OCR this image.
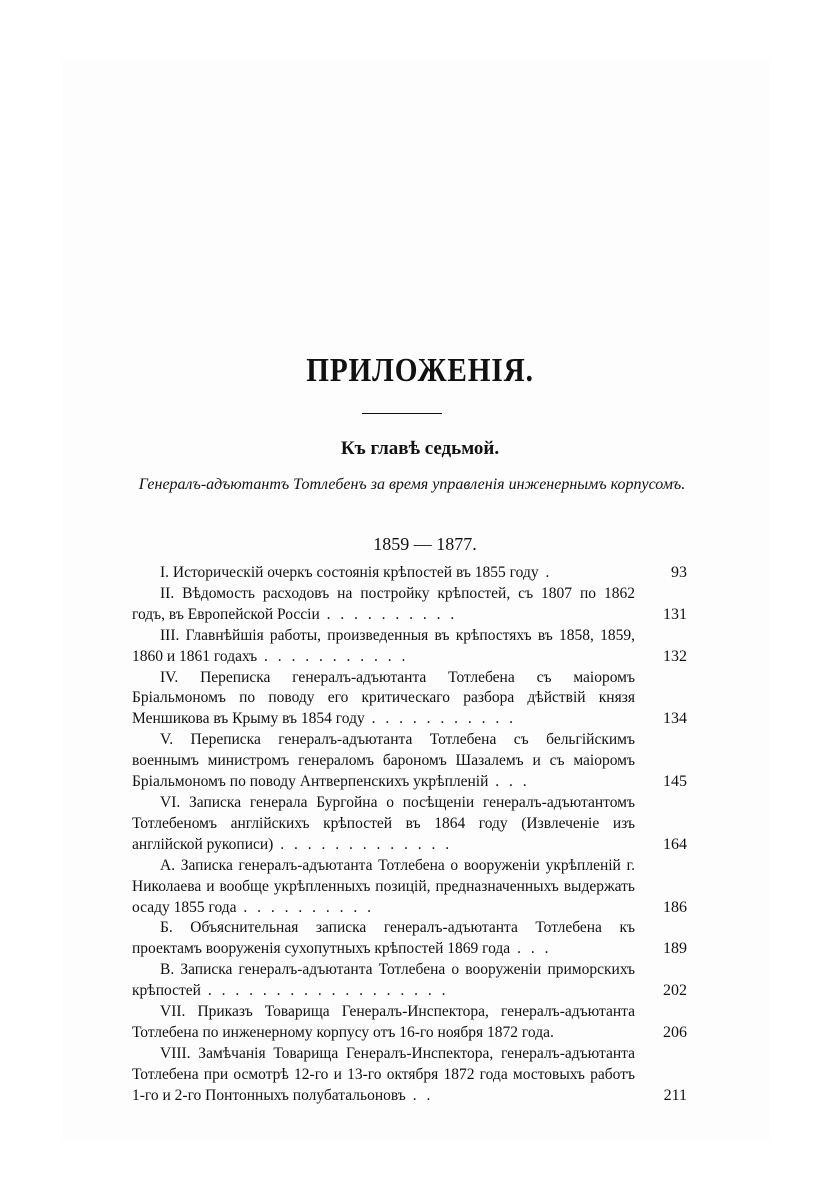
ПРИЛОЖЕНІЯ.
Къ главѣ седьмой.

Генералъ-адъютантъ Тотлебенъ за время управленія инженернымъ корпусомъ.

1859 — 1877.
I. Историческій очеркъ состоянія крѣпостей въ 1855 году .	93
II. Вѣдомость расходовъ на постройку крѣпостей, съ 1807 по 1862 годъ, въ Европейской Россіи . . . . . . . . . .	131
III. Главнѣйшія работы, произведенныя въ крѣпостяхъ въ 1858, 1859, 1860 и 1861 годахъ . . . . . . . . . . .	132
IV. Переписка генералъ-адъютанта Тотлебена съ маіоромъ Бріальмономъ по поводу его критическаго разбора дѣйствій князя Меншикова въ Крыму въ 1854 году . . . . . . . . . . .	134
V. Переписка генералъ-адъютанта Тотлебена съ бельгійскимъ военнымъ министромъ генераломъ барономъ Шазалемъ и съ маіоромъ Бріальмономъ по поводу Антверпенскихъ укрѣпленій . . .	145
VI. Записка генерала Бургойна о посѣщеніи генералъ-адъютантомъ Тотлебеномъ англійскихъ крѣпостей въ 1864 году (Извлеченіе изъ англійской рукописи) . . . . . . . . . . . . .	164
А. Записка генералъ-адъютанта Тотлебена о вооруженіи укрѣпленій г. Николаева и вообще укрѣпленныхъ позицій, предназначенныхъ выдержать осаду 1855 года . . . . . . . . . .	186
Б. Объяснительная записка генералъ-адъютанта Тотлебена къ проектамъ вооруженія сухопутныхъ крѣпостей 1869 года . . .	189
В. Записка генералъ-адъютанта Тотлебена о вооруженіи приморскихъ крѣпостей . . . . . . . . . . . . . . . . . .	202
VII. Приказъ Товарища Генералъ-Инспектора, генералъ-адъютанта Тотлебена по инженерному корпусу отъ 16-го ноября 1872 года.	206
VIII. Замѣчанія Товарища Генералъ-Инспектора, генералъ-адъютанта Тотлебена при осмотрѣ 12-го и 13-го октября 1872 года мостовыхъ работъ 1-го и 2-го Понтонныхъ полубатальоновъ . .	211
